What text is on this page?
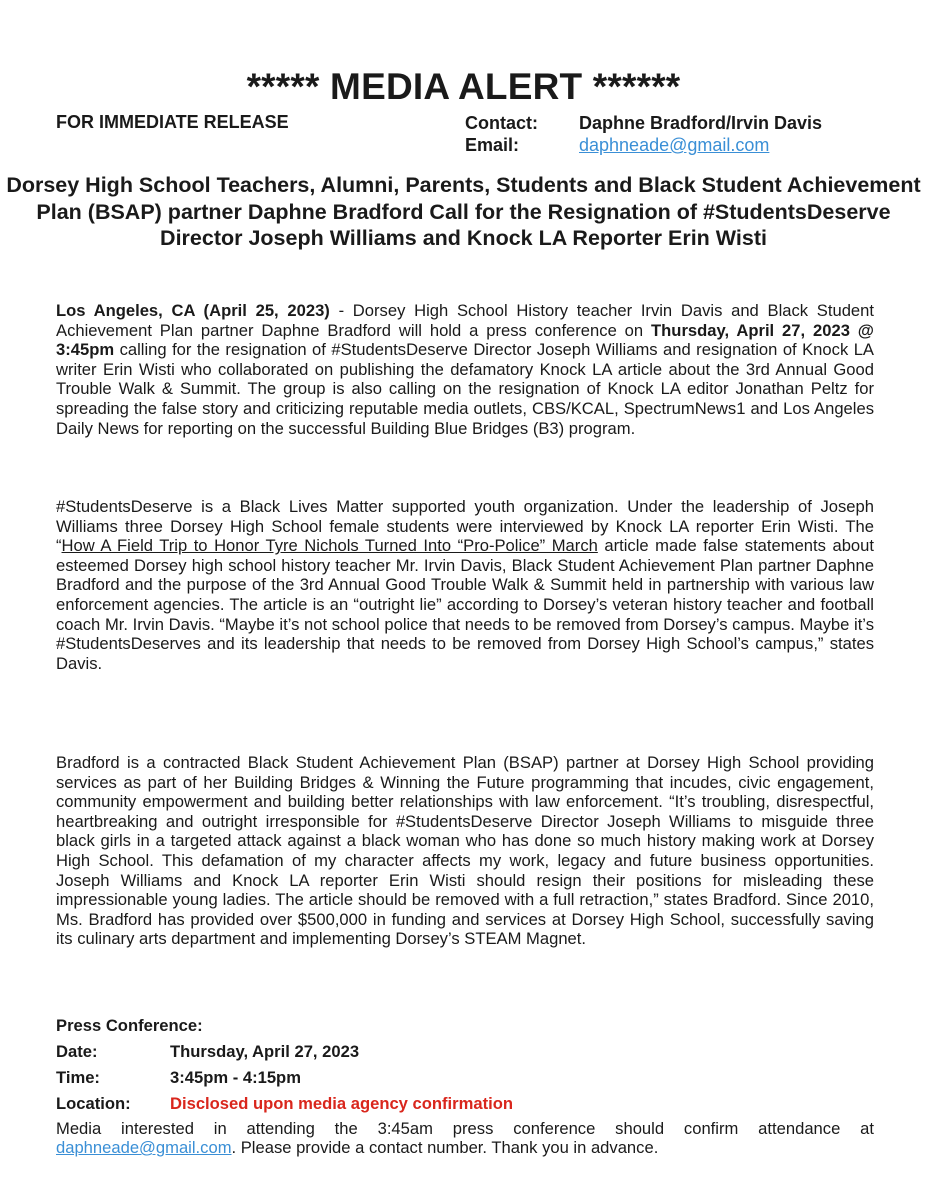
***** MEDIA ALERT ******
FOR IMMEDIATE RELEASE	Contact:	Daphne Bradford/Irvin Davis
Email:	daphneade@gmail.com
Dorsey High School Teachers, Alumni, Parents, Students and Black Student Achievement Plan (BSAP) partner Daphne Bradford Call for the Resignation of #StudentsDeserve Director Joseph Williams and Knock LA Reporter Erin Wisti
Los Angeles, CA (April 25, 2023) - Dorsey High School History teacher Irvin Davis and Black Student Achievement Plan partner Daphne Bradford will hold a press conference on Thursday, April 27, 2023 @ 3:45pm calling for the resignation of #StudentsDeserve Director Joseph Williams and resignation of Knock LA writer Erin Wisti who collaborated on publishing the defamatory Knock LA article about the 3rd Annual Good Trouble Walk & Summit. The group is also calling on the resignation of Knock LA editor Jonathan Peltz for spreading the false story and criticizing reputable media outlets, CBS/KCAL, SpectrumNews1 and Los Angeles Daily News for reporting on the successful Building Blue Bridges (B3) program.
#StudentsDeserve is a Black Lives Matter supported youth organization. Under the leadership of Joseph Williams three Dorsey High School female students were interviewed by Knock LA reporter Erin Wisti. The “How A Field Trip to Honor Tyre Nichols Turned Into “Pro-Police” March article made false statements about esteemed Dorsey high school history teacher Mr. Irvin Davis, Black Student Achievement Plan partner Daphne Bradford and the purpose of the 3rd Annual Good Trouble Walk & Summit held in partnership with various law enforcement agencies. The article is an “outright lie” according to Dorsey’s veteran history teacher and football coach Mr. Irvin Davis. “Maybe it’s not school police that needs to be removed from Dorsey’s campus. Maybe it’s #StudentsDeserves and its leadership that needs to be removed from Dorsey High School’s campus,” states Davis.
Bradford is a contracted Black Student Achievement Plan (BSAP) partner at Dorsey High School providing services as part of her Building Bridges & Winning the Future programming that incudes, civic engagement, community empowerment and building better relationships with law enforcement. “It’s troubling, disrespectful, heartbreaking and outright irresponsible for #StudentsDeserve Director Joseph Williams to misguide three black girls in a targeted attack against a black woman who has done so much history making work at Dorsey High School. This defamation of my character affects my work, legacy and future business opportunities. Joseph Williams and Knock LA reporter Erin Wisti should resign their positions for misleading these impressionable young ladies. The article should be removed with a full retraction,” states Bradford. Since 2010, Ms. Bradford has provided over $500,000 in funding and services at Dorsey High School, successfully saving its culinary arts department and implementing Dorsey’s STEAM Magnet.
Press Conference:
Date:	Thursday, April 27, 2023
Time:	3:45pm - 4:15pm
Location:	Disclosed upon media agency confirmation
Media interested in attending the 3:45am press conference should confirm attendance at daphneade@gmail.com. Please provide a contact number. Thank you in advance.
